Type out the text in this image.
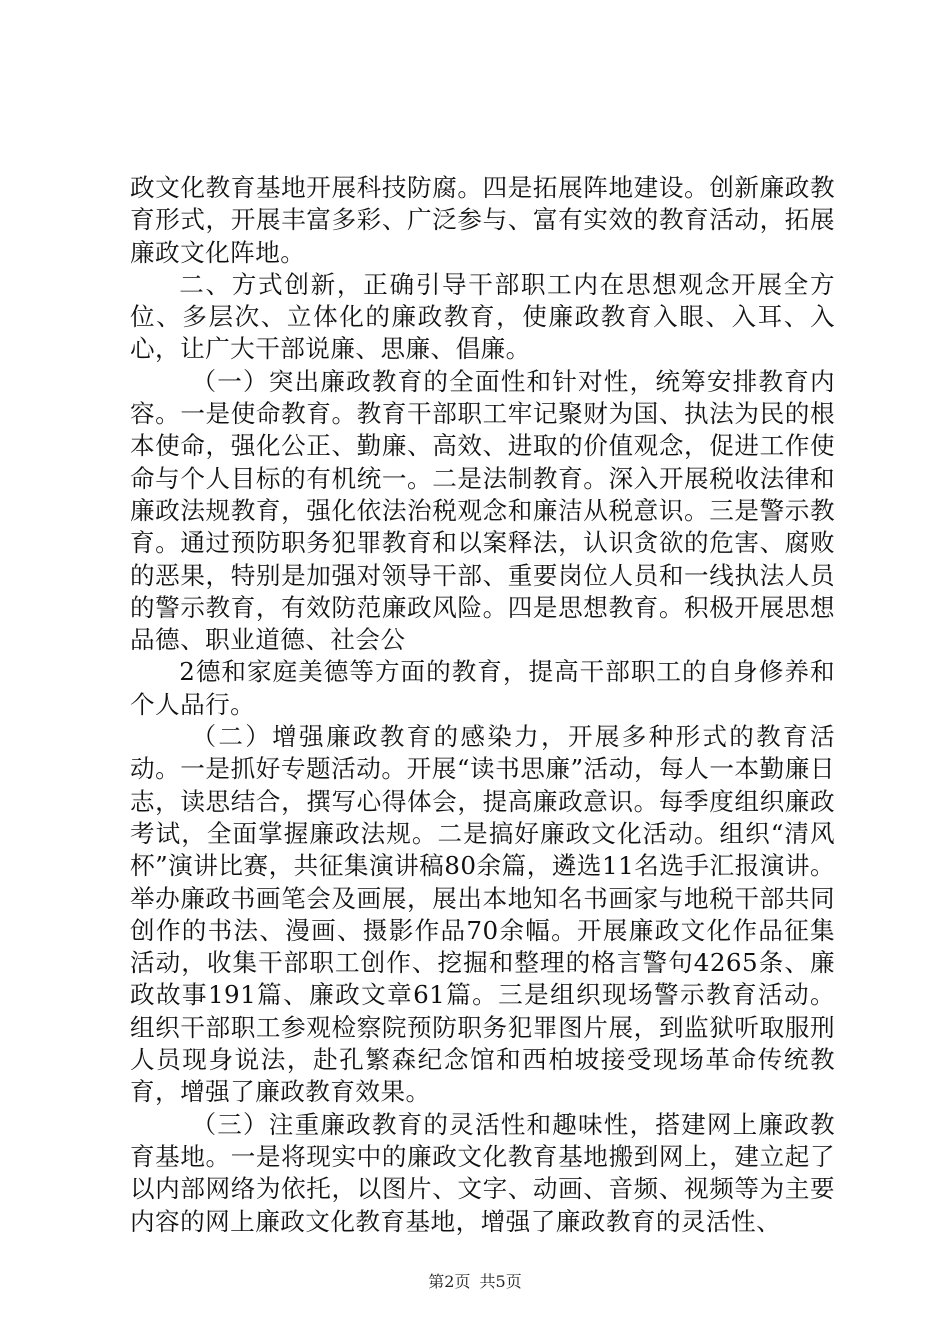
政文化教育基地开展科技防腐。四是拓展阵地建设。创新廉政教育形式，开展丰富多彩、广泛参与、富有实效的教育活动，拓展廉政文化阵地。

二、方式创新，正确引导干部职工内在思想观念开展全方位、多层次、立体化的廉政教育，使廉政教育入眼、入耳、入心，让广大干部说廉、思廉、倡廉。

（一）突出廉政教育的全面性和针对性，统筹安排教育内容。一是使命教育。教育干部职工牢记聚财为国、执法为民的根本使命，强化公正、勤廉、高效、进取的价值观念，促进工作使命与个人目标的有机统一。二是法制教育。深入开展税收法律和廉政法规教育，强化依法治税观念和廉洁从税意识。三是警示教育。通过预防职务犯罪教育和以案释法，认识贪欲的危害、腐败的恶果，特别是加强对领导干部、重要岗位人员和一线执法人员的警示教育，有效防范廉政风险。四是思想教育。积极开展思想品德、职业道德、社会公

2德和家庭美德等方面的教育，提高干部职工的自身修养和个人品行。

（二）增强廉政教育的感染力，开展多种形式的教育活动。一是抓好专题活动。开展“读书思廉”活动，每人一本勤廉日志，读思结合，撰写心得体会，提高廉政意识。每季度组织廉政考试，全面掌握廉政法规。二是搞好廉政文化活动。组织“清风杯”演讲比赛，共征集演讲稿80余篇，遴选11名选手汇报演讲。举办廉政书画笔会及画展，展出本地知名书画家与地税干部共同创作的书法、漫画、摄影作品70余幅。开展廉政文化作品征集活动，收集干部职工创作、挖掘和整理的格言警句4265条、廉政故事191篇、廉政文章61篇。三是组织现场警示教育活动。组织干部职工参观检察院预防职务犯罪图片展，到监狱听取服刑人员现身说法，赴孔繁森纪念馆和西柏坡接受现场革命传统教育，增强了廉政教育效果。

（三）注重廉政教育的灵活性和趣味性，搭建网上廉政教育基地。一是将现实中的廉政文化教育基地搬到网上，建立起了以内部网络为依托，以图片、文字、动画、音频、视频等为主要内容的网上廉政文化教育基地，增强了廉政教育的灵活性、

第2页 共5页
